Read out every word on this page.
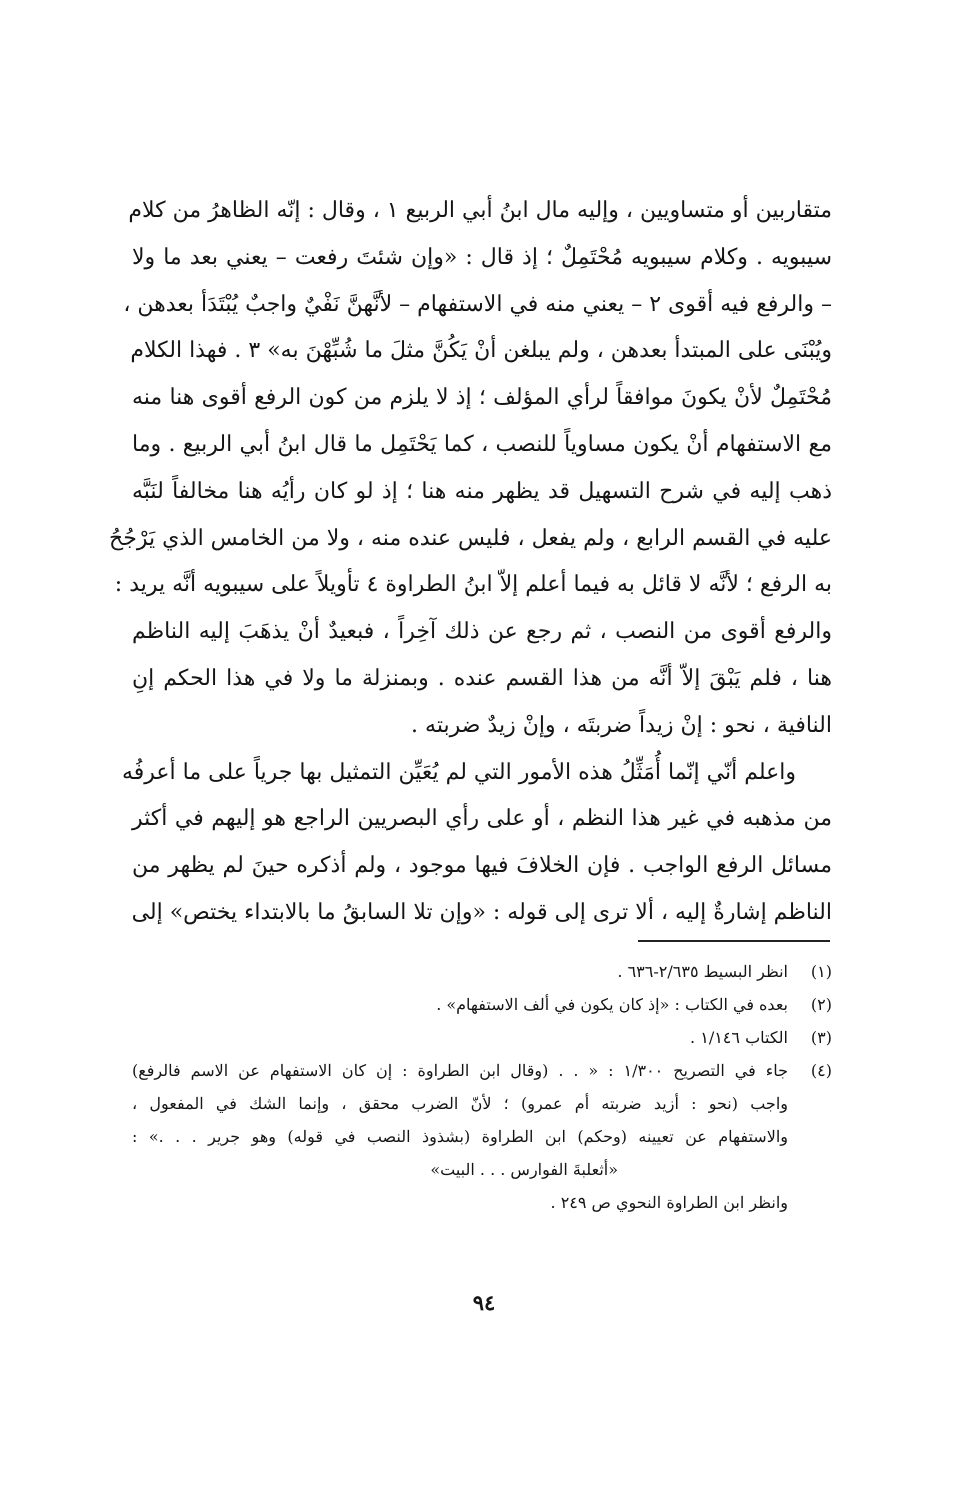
متقاربين أو متساويين ، وإليه مال ابنُ أبي الربيع ١ ، وقال : إنّه الظاهرُ من كلام
سيبويه . وكلام سيبويه مُحْتَمِلٌ ؛ إذ قال : «وإن شئتَ رفعت – يعني بعد ما ولا
– والرفع فيه أقوى ٢ – يعني منه في الاستفهام – لأنَّهنَّ نَفْيٌ واجبٌ يُبْتَدَأ بعدهن ،
ويُبْنَى على المبتدأ بعدهن ، ولم يبلغن أنْ يَكُنَّ مثلَ ما شُبِّهْنَ به» ٣ . فهذا الكلام
مُحْتَمِلٌ لأنْ يكونَ موافقاً لرأي المؤلف ؛ إذ لا يلزم من كون الرفع أقوى هنا منه
مع الاستفهام أنْ يكون مساوياً للنصب ، كما يَحْتَمِل ما قال ابنُ أبي الربيع . وما
ذهب إليه في شرح التسهيل قد يظهر منه هنا ؛ إذ لو كان رأيُه هنا مخالفاً لنَبَّه
عليه في القسم الرابع ، ولم يفعل ، فليس عنده منه ، ولا من الخامس الذي يَرْجُحُ
به الرفع ؛ لأنَّه لا قائل به فيما أعلم إلاّ ابنُ الطراوة ٤ تأويلاً على سيبويه أنَّه يريد :
والرفع أقوى من النصب ، ثم رجع عن ذلك آخِراً ، فبعيدٌ أنْ يذهَبَ إليه الناظم
هنا ، فلم يَبْقَ إلاّ أنَّه من هذا القسم عنده . وبمنزلة ما ولا في هذا الحكم إنِ
النافية ، نحو : إنْ زيداً ضربتَه ، وإنْ زيدٌ ضربته .
واعلم أنّي إنّما أُمَثِّلُ هذه الأمور التي لم يُعَيِّن التمثيل بها جرياً على ما أعرفُه
من مذهبه في غير هذا النظم ، أو على رأي البصريين الراجع هو إليهم في أكثر
مسائل الرفع الواجب . فإن الخلافَ فيها موجود ، ولم أذكره حينَ لم يظهر من
الناظم إشارةٌ إليه ، ألا ترى إلى قوله : «وإن تلا السابقُ ما بالابتداء يختص» إلى
(١)
انظر البسيط ٢/٦٣٥-٦٣٦ .
(٢)
بعده في الكتاب : «إذ كان يكون في ألف الاستفهام» .
(٣)
الكتاب ١/١٤٦ .
(٤)
جاء في التصريح ١/٣٠٠ : « . . (وقال ابن الطراوة : إن كان الاستفهام عن الاسم فالرفع)
واجب (نحو : أزيد ضربته أم عمرو) ؛ لأنّ الضرب محقق ، وإنما الشك في المفعول ،
والاستفهام عن تعيينه (وحكم) ابن الطراوة (بشذوذ النصب في قوله) وهو جرير . . .» :
«أثعلبةَ الفوارس . . . البيت»
وانظر ابن الطراوة النحوي ص ٢٤٩ .
٩٤
